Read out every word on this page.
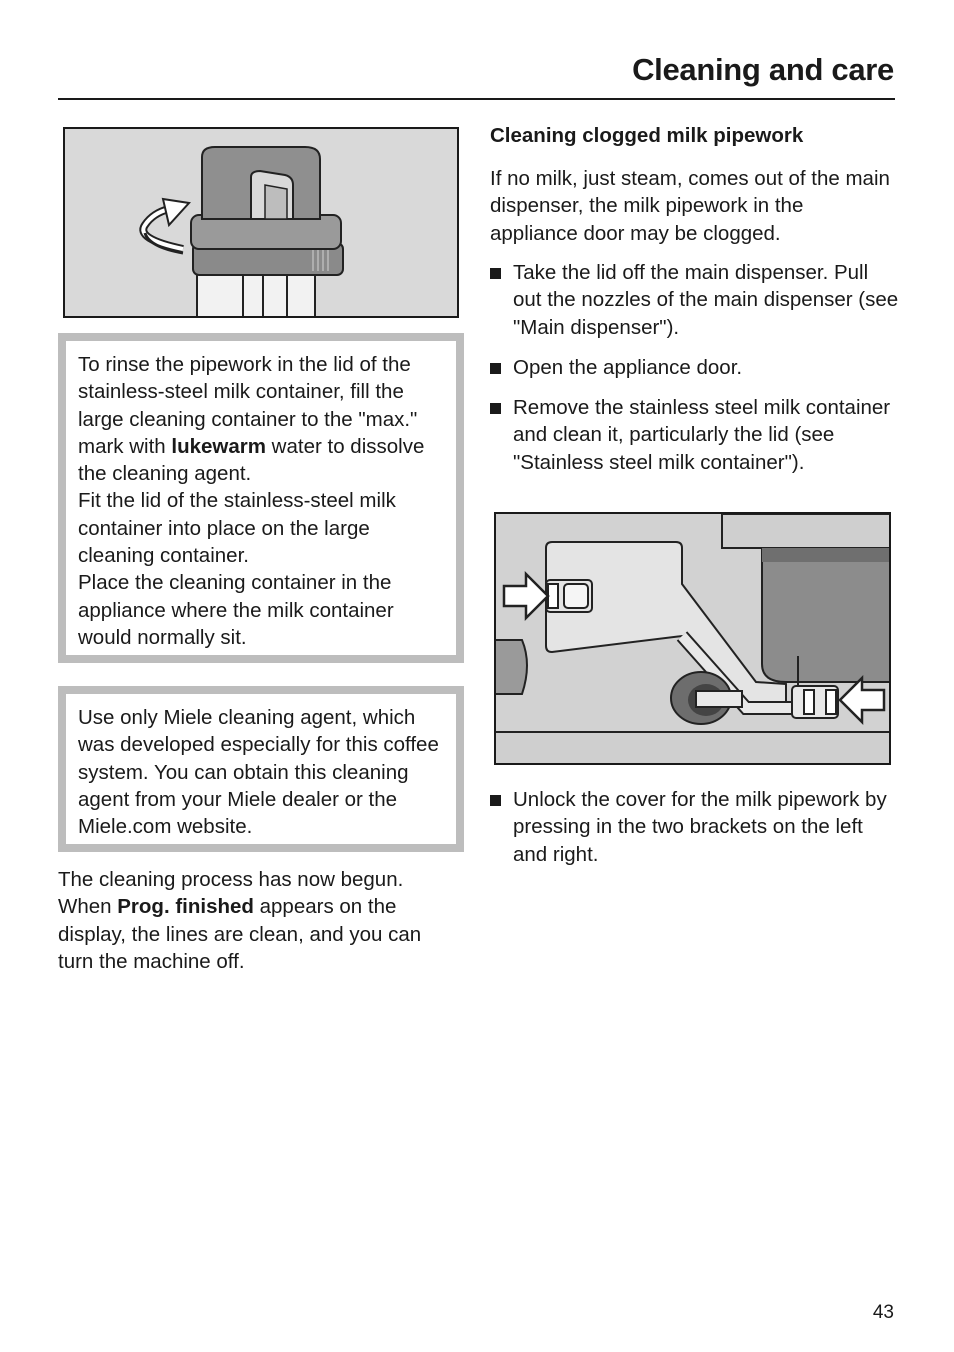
Cleaning and care

To rinse the pipework in the lid of the stainless-steel milk container, fill the large cleaning container to the "max." mark with lukewarm water to dissolve the cleaning agent.

Fit the lid of the stainless-steel milk container into place on the large cleaning container.

Place the cleaning container in the appliance where the milk container would normally sit.

Use only Miele cleaning agent, which was developed especially for this coffee system. You can obtain this cleaning agent from your Miele dealer or the Miele.com website.

The cleaning process has now begun. When Prog. finished appears on the display, the lines are clean, and you can turn the machine off.

Cleaning clogged milk pipework

If no milk, just steam, comes out of the main dispenser, the milk pipework in the appliance door may be clogged.

Take the lid off the main dispenser. Pull out the nozzles of the main dispenser (see "Main dispenser").
Open the appliance door.
Remove the stainless steel milk container and clean it, particularly the lid (see "Stainless steel milk container").
Unlock the cover for the milk pipework by pressing in the two brackets on the left and right.
43
